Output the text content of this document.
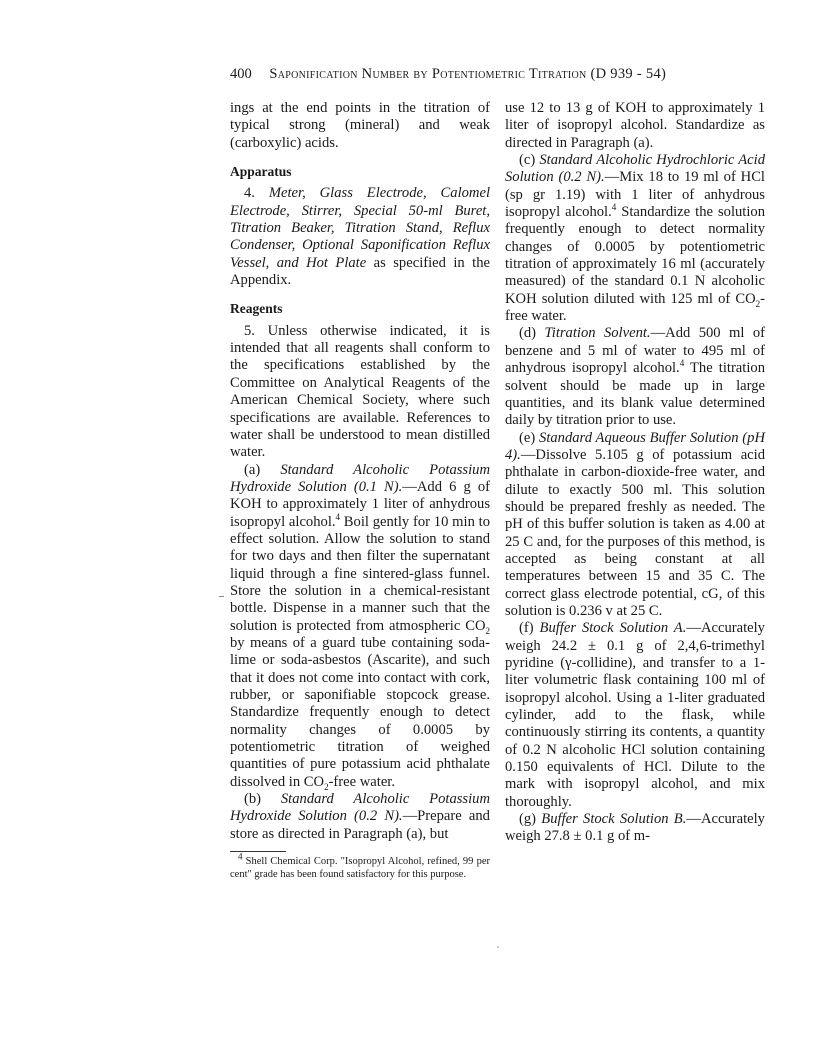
400 Saponification Number by Potentiometric Titration (D 939 - 54)

ings at the end points in the titration of typical strong (mineral) and weak (carboxylic) acids.

Apparatus

4. Meter, Glass Electrode, Calomel Electrode, Stirrer, Special 50-ml Buret, Titration Beaker, Titration Stand, Reflux Condenser, Optional Saponification Reflux Vessel, and Hot Plate as specified in the Appendix.

Reagents

5. Unless otherwise indicated, it is intended that all reagents shall conform to the specifications established by the Committee on Analytical Reagents of the American Chemical Society, where such specifications are available. References to water shall be understood to mean distilled water.

(a) Standard Alcoholic Potassium Hydroxide Solution (0.1 N).—Add 6 g of KOH to approximately 1 liter of anhydrous isopropyl alcohol.$^4$ Boil gently for 10 min to effect solution. Allow the solution to stand for two days and then filter the supernatant liquid through a fine sintered-glass funnel. Store the solution in a chemical-resistant bottle. Dispense in a manner such that the solution is protected from atmospheric $CO_2$ by means of a guard tube containing soda-lime or soda-asbestos (Ascarite), and such that it does not come into contact with cork, rubber, or saponifiable stopcock grease. Standardize frequently enough to detect normality changes of 0.0005 by potentiometric titration of weighed quantities of pure potassium acid phthalate dissolved in $CO_2$-free water.

(b) Standard Alcoholic Potassium Hydroxide Solution (0.2 N).—Prepare and store as directed in Paragraph (a), but

$^4$ Shell Chemical Corp. "Isopropyl Alcohol, refined, 99 per cent" grade has been found satisfactory for this purpose.

use 12 to 13 g of KOH to approximately 1 liter of isopropyl alcohol. Standardize as directed in Paragraph (a).

(c) Standard Alcoholic Hydrochloric Acid Solution (0.2 N).—Mix 18 to 19 ml of HCl (sp gr 1.19) with 1 liter of anhydrous isopropyl alcohol.$^4$ Standardize the solution frequently enough to detect normality changes of 0.0005 by potentiometric titration of approximately 16 ml (accurately measured) of the standard 0.1 N alcoholic KOH solution diluted with 125 ml of $CO_2$-free water.

(d) Titration Solvent.—Add 500 ml of benzene and 5 ml of water to 495 ml of anhydrous isopropyl alcohol.$^4$ The titration solvent should be made up in large quantities, and its blank value determined daily by titration prior to use.

(e) Standard Aqueous Buffer Solution (pH 4).—Dissolve 5.105 g of potassium acid phthalate in carbon-dioxide-free water, and dilute to exactly 500 ml. This solution should be prepared freshly as needed. The pH of this buffer solution is taken as 4.00 at 25 C and, for the purposes of this method, is accepted as being constant at all temperatures between 15 and 35 C. The correct glass electrode potential, cG, of this solution is 0.236 v at 25 C.

(f) Buffer Stock Solution A.—Accurately weigh 24.2 ± 0.1 g of 2,4,6-trimethyl pyridine (γ-collidine), and transfer to a 1-liter volumetric flask containing 100 ml of isopropyl alcohol. Using a 1-liter graduated cylinder, add to the flask, while continuously stirring its contents, a quantity of 0.2 N alcoholic HCl solution containing 0.150 equivalents of HCl. Dilute to the mark with isopropyl alcohol, and mix thoroughly.

(g) Buffer Stock Solution B.—Accurately weigh 27.8 ± 0.1 g of m-
